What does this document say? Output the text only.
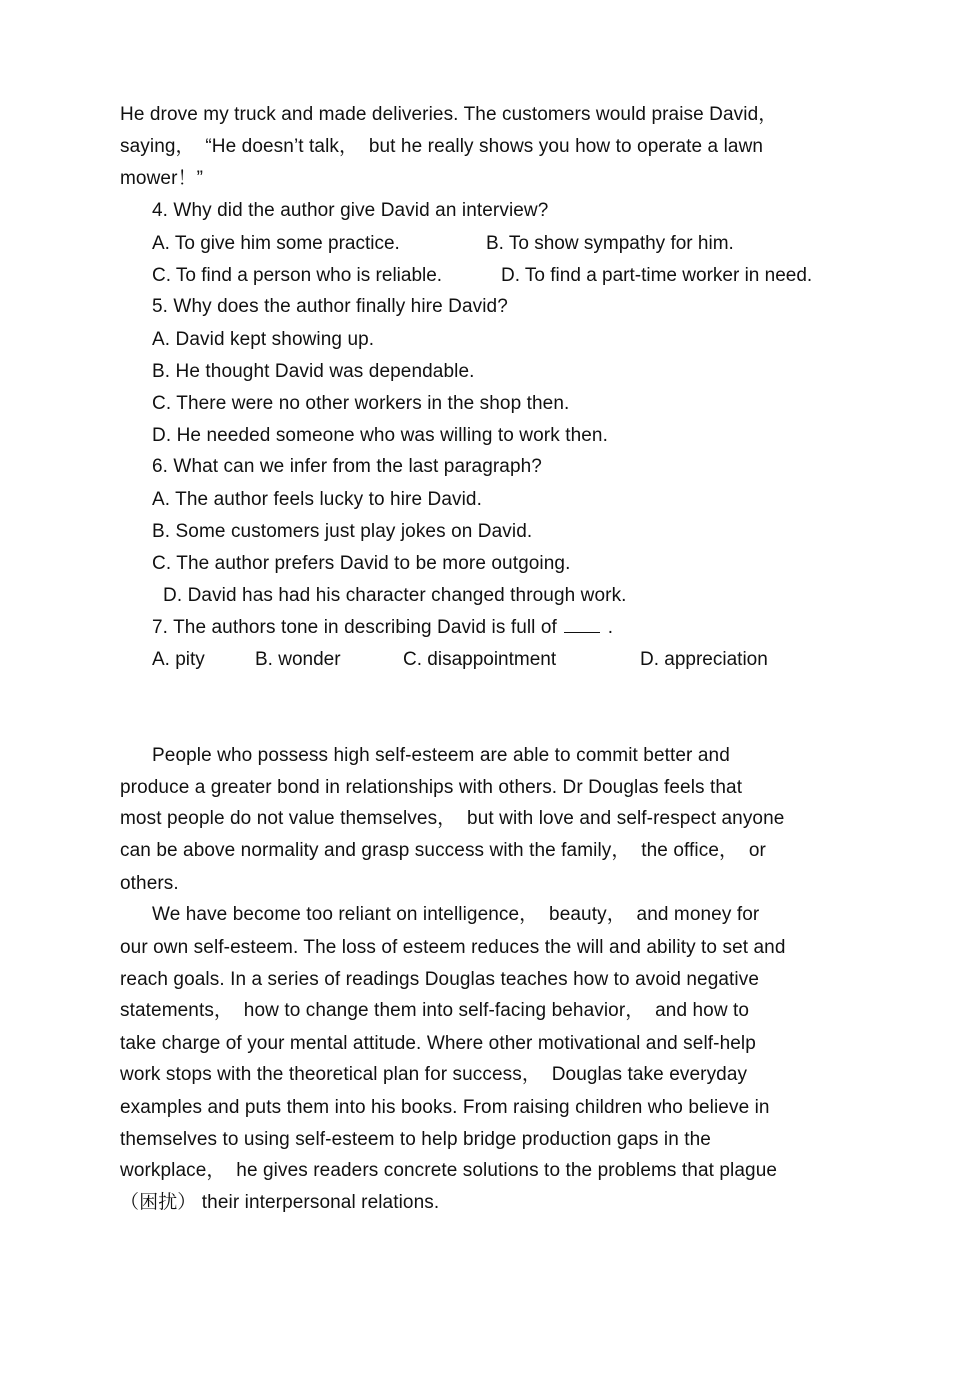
He drove my truck and made deliveries. The customers would praise David，
saying，  “He doesn’t talk，  but he really shows you how to operate a lawn
mower！”
4. Why did the author give David an interview?
A. To give him some practice.	B. To show sympathy for him.
C. To find a person who is reliable.	D. To find a part-time worker in need.
5. Why does the author finally hire David?
A. David kept showing up.
B. He thought David was dependable.
C. There were no other workers in the shop then.
D. He needed someone who was willing to work then.
6. What can we infer from the last paragraph?
A. The author feels lucky to hire David.
B. Some customers just play jokes on David.
C. The author prefers David to be more outgoing.
D. David has had his character changed through work.
7. The authors tone in describing David is full of	.
A. pity	B. wonder	C. disappointment	D. appreciation
People who possess high self-esteem are able to commit better and
produce a greater bond in relationships with others. Dr Douglas feels that
most people do not value themselves，  but with love and self-respect anyone
can be above normality and grasp success with the family，  the office，  or
others.
We have become too reliant on intelligence，  beauty，  and money for
our own self-esteem. The loss of esteem reduces the will and ability to set and
reach goals. In a series of readings Douglas teaches how to avoid negative
statements，  how to change them into self-facing behavior，  and how to
take charge of your mental attitude. Where other motivational and self-help
work stops with the theoretical plan for success，  Douglas take everyday
examples and puts them into his books. From raising children who believe in
themselves to using self-esteem to help bridge production gaps in the
workplace，  he gives readers concrete solutions to the problems that plague
（困扰） their interpersonal relations.
